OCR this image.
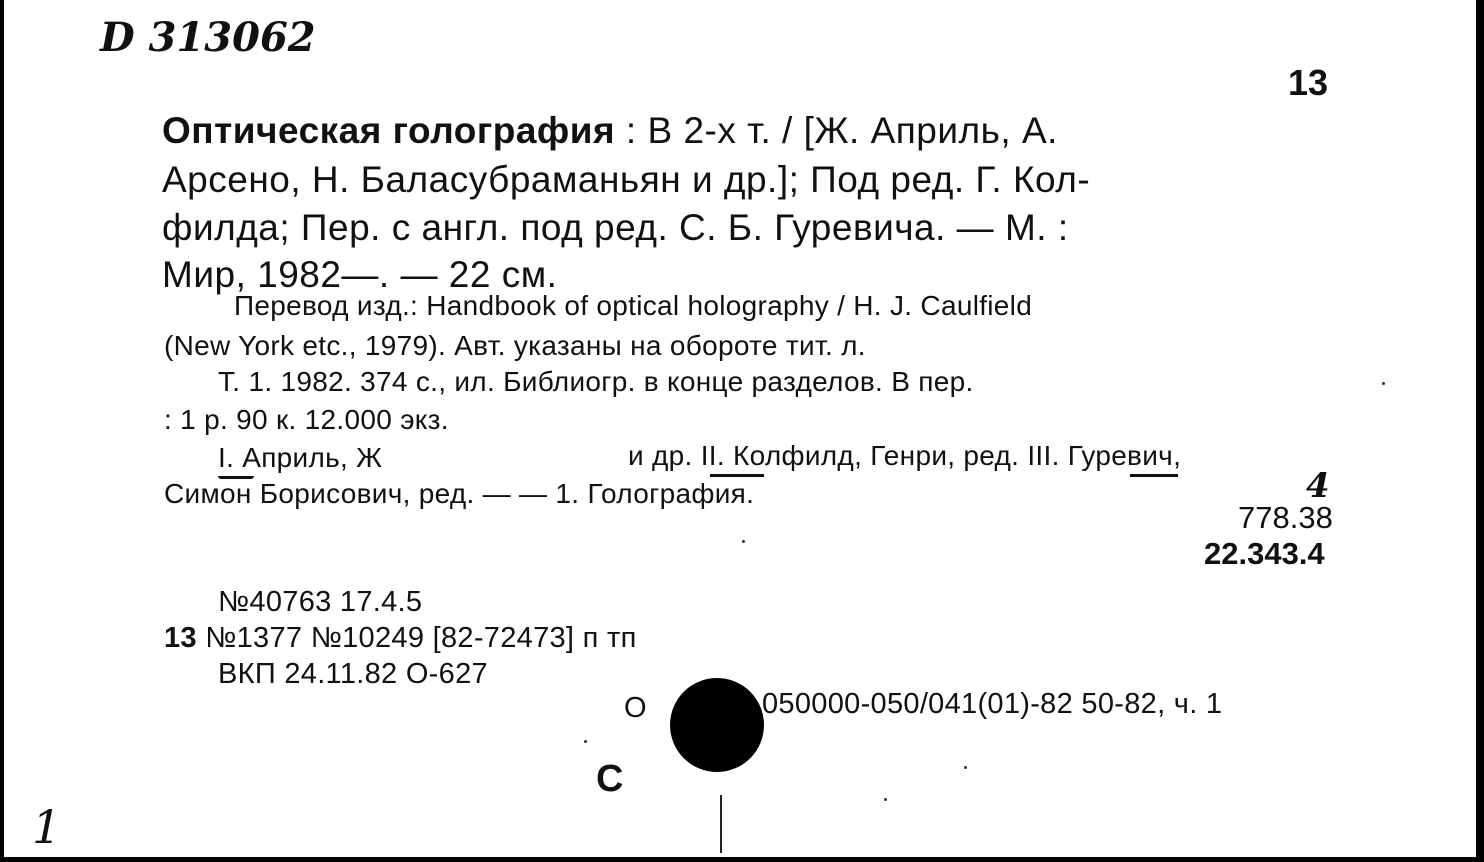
D 313062
13
Оптическая голография : В 2-х т. / [Ж. Априль, А.
Арсено, Н. Баласубраманьян и др.]; Под ред. Г. Кол-
филда; Пер. с англ. под ред. С. Б. Гуревича. — М. :
Мир, 1982—. — 22 см.
Перевод изд.: Handbook of optical holography / H. J. Caulfield
(New York etc., 1979). Авт. указаны на обороте тит. л.
Т. 1. 1982. 374 с., ил. Библиогр. в конце разделов. В пер.
: 1 р. 90 к. 12.000 экз.
I. Априль, Ж	и др. II. Колфилд, Генри, ред. III. Гуревич,
Симон Борисович, ред. — — 1. Голография.	4
778.38
22.343.4
№40763 17.4.5
13 №1377 №10249 [82-72473] п тп
ВКП 24.11.82 О-627
О	050000-050/041(01)-82 50-82, ч. 1
С
1
